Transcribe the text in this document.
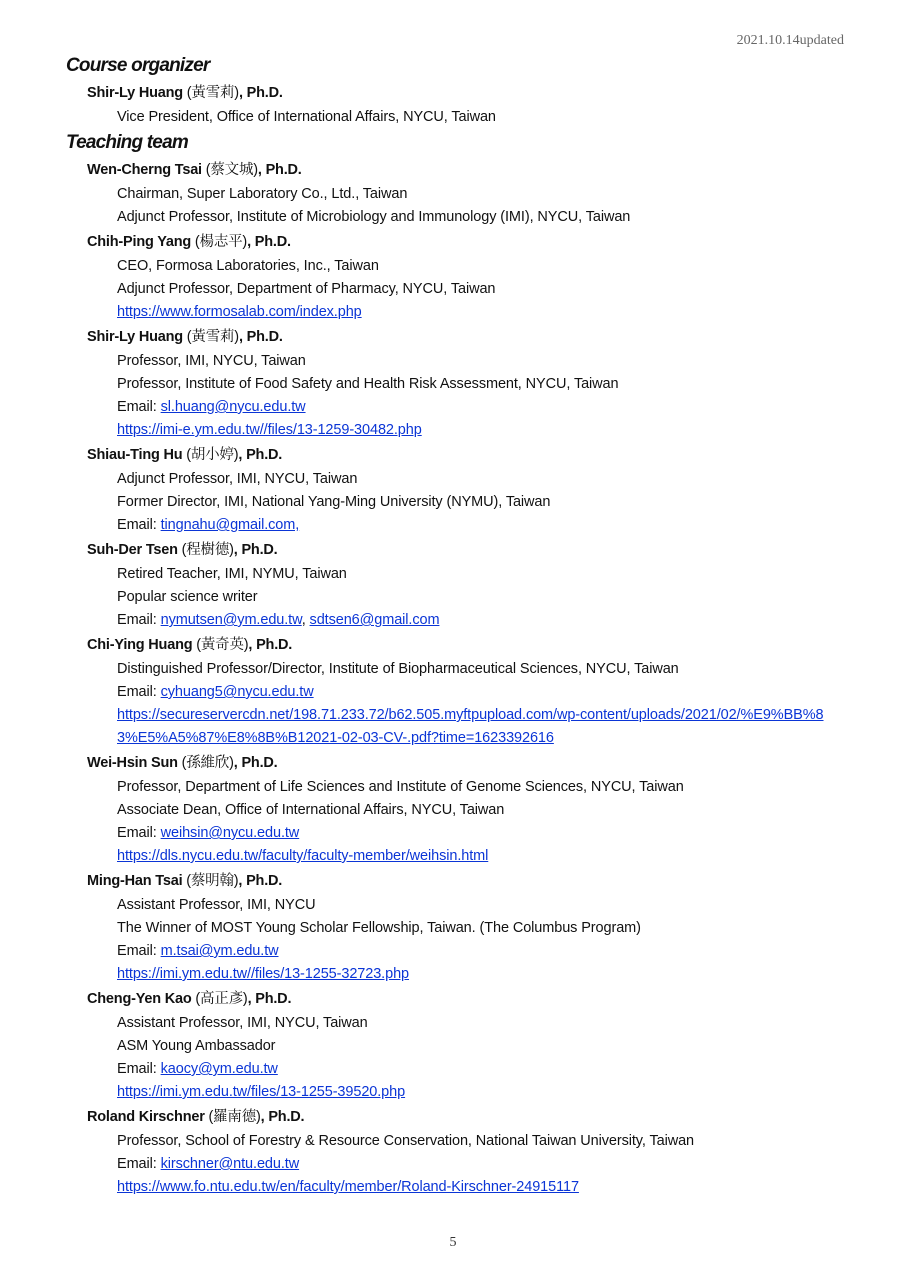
2021.10.14updated
Course organizer
Shir-Ly Huang (黃雪莉), Ph.D.
Vice President, Office of International Affairs, NYCU, Taiwan
Teaching team
Wen-Cherng Tsai (蔡文城), Ph.D.
Chairman, Super Laboratory Co., Ltd., Taiwan
Adjunct Professor, Institute of Microbiology and Immunology (IMI), NYCU, Taiwan
Chih-Ping Yang (楊志平), Ph.D.
CEO, Formosa Laboratories, Inc., Taiwan
Adjunct Professor, Department of Pharmacy, NYCU, Taiwan
https://www.formosalab.com/index.php
Shir-Ly Huang (黃雪莉), Ph.D.
Professor, IMI, NYCU, Taiwan
Professor, Institute of Food Safety and Health Risk Assessment, NYCU, Taiwan
Email: sl.huang@nycu.edu.tw
https://imi-e.ym.edu.tw//files/13-1259-30482.php
Shiau-Ting Hu (胡小婷), Ph.D.
Adjunct Professor, IMI, NYCU, Taiwan
Former Director, IMI, National Yang-Ming University (NYMU), Taiwan
Email: tingnahu@gmail.com,
Suh-Der Tsen (程樹德), Ph.D.
Retired Teacher, IMI, NYMU, Taiwan
Popular science writer
Email: nymutsen@ym.edu.tw, sdtsen6@gmail.com
Chi-Ying Huang (黃奇英), Ph.D.
Distinguished Professor/Director, Institute of Biopharmaceutical Sciences, NYCU, Taiwan
Email: cyhuang5@nycu.edu.tw
https://secureservercdn.net/198.71.233.72/b62.505.myftpupload.com/wp-content/uploads/2021/02/%E9%BB%83%E5%A5%87%E8%8B%B12021-02-03-CV-.pdf?time=1623392616
Wei-Hsin Sun (孫維欣), Ph.D.
Professor, Department of Life Sciences and Institute of Genome Sciences, NYCU, Taiwan
Associate Dean, Office of International Affairs, NYCU, Taiwan
Email: weihsin@nycu.edu.tw
https://dls.nycu.edu.tw/faculty/faculty-member/weihsin.html
Ming-Han Tsai (蔡明翰), Ph.D.
Assistant Professor, IMI, NYCU
The Winner of MOST Young Scholar Fellowship, Taiwan. (The Columbus Program)
Email: m.tsai@ym.edu.tw
https://imi.ym.edu.tw//files/13-1255-32723.php
Cheng-Yen Kao (高正彥), Ph.D.
Assistant Professor, IMI, NYCU, Taiwan
ASM Young Ambassador
Email: kaocy@ym.edu.tw
https://imi.ym.edu.tw/files/13-1255-39520.php
Roland Kirschner (羅南德), Ph.D.
Professor, School of Forestry & Resource Conservation, National Taiwan University, Taiwan
Email: kirschner@ntu.edu.tw
https://www.fo.ntu.edu.tw/en/faculty/member/Roland-Kirschner-24915117
5
